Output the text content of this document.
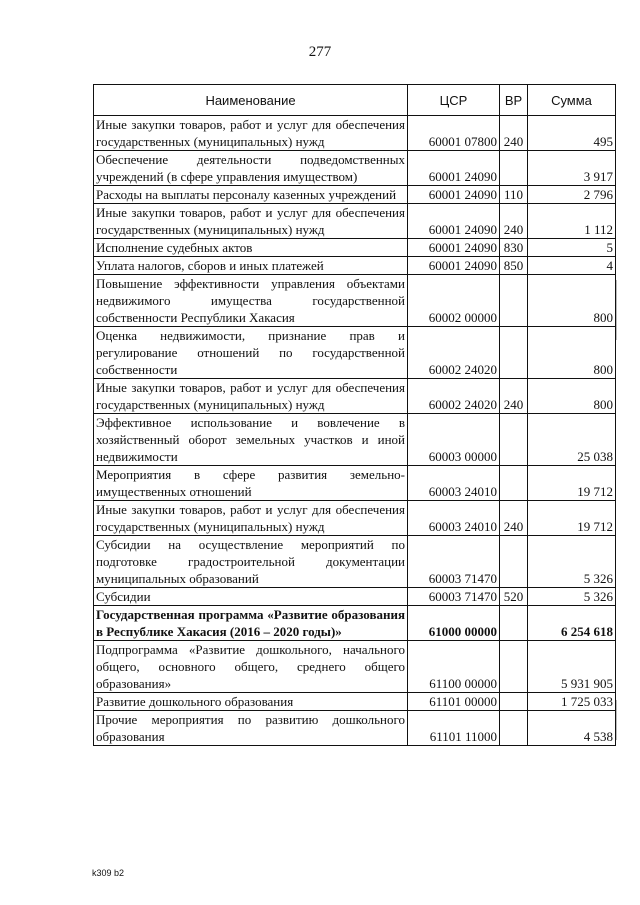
277
Наименование	ЦСР	ВР	Сумма
Иные закупки товаров, работ и услуг для обеспечения государственных (муниципальных) нужд	60001 07800	240	495
Обеспечение деятельности подведомственных учреждений (в сфере управления имуществом)	60001 24090		3 917
Расходы на выплаты персоналу казенных учреждений	60001 24090	110	2 796
Иные закупки товаров, работ и услуг для обеспечения государственных (муниципальных) нужд	60001 24090	240	1 112
Исполнение судебных актов	60001 24090	830	5
Уплата налогов, сборов и иных платежей	60001 24090	850	4
Повышение эффективности управления объектами недвижимого имущества государственной собственности Республики Хакасия	60002 00000		800
Оценка недвижимости, признание прав и регулирование отношений по государственной собственности	60002 24020		800
Иные закупки товаров, работ и услуг для обеспечения государственных (муниципальных) нужд	60002 24020	240	800
Эффективное использование и вовлечение в хозяйственный оборот земельных участков и иной недвижимости	60003 00000		25 038
Мероприятия в сфере развития земельно-имущественных отношений	60003 24010		19 712
Иные закупки товаров, работ и услуг для обеспечения государственных (муниципальных) нужд	60003 24010	240	19 712
Субсидии на осуществление мероприятий по подготовке градостроительной документации муниципальных образований	60003 71470		5 326
Субсидии	60003 71470	520	5 326
Государственная программа «Развитие образования в Республике Хакасия (2016 – 2020 годы)»	61000 00000		6 254 618
Подпрограмма «Развитие дошкольного, начального общего, основного общего, среднего общего образования»	61100 00000		5 931 905
Развитие дошкольного образования	61101 00000		1 725 033
Прочие мероприятия по развитию дошкольного образования	61101 11000		4 538
k309 b2
